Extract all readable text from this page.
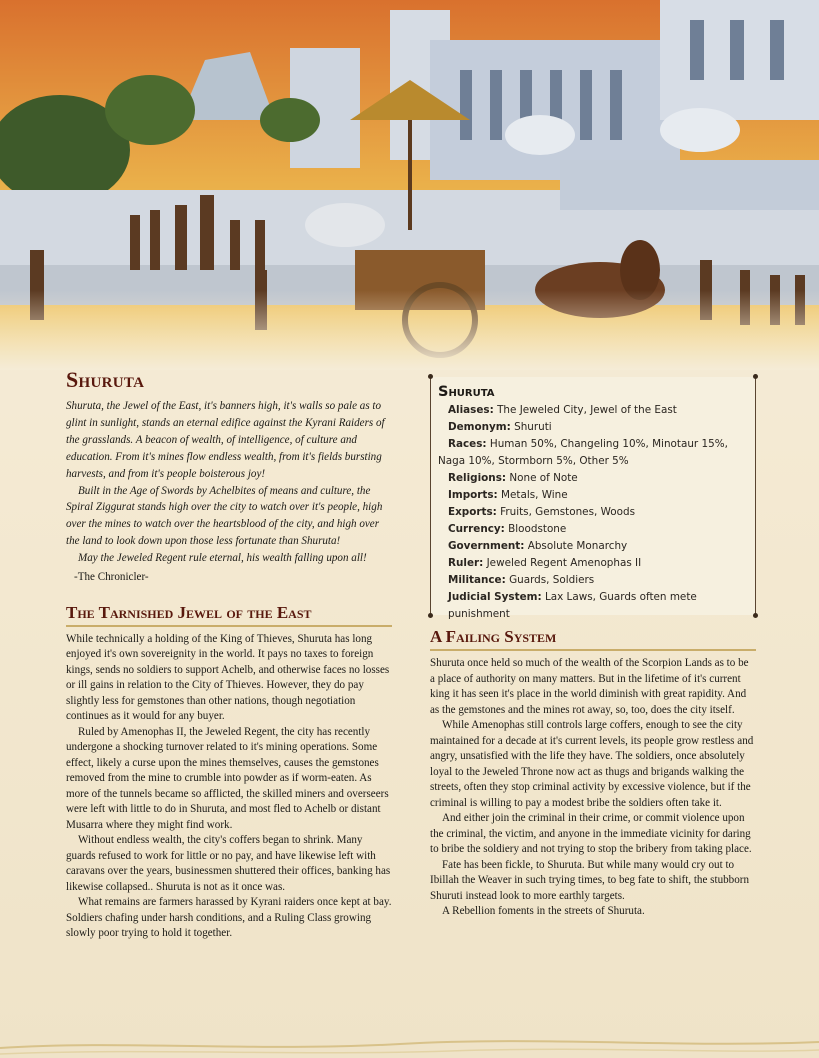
Shuruta

Shuruta, the Jewel of the East, it's banners high, it's walls so pale as to glint in sunlight, stands an eternal edifice against the Kyrani Raiders of the grasslands. A beacon of wealth, of intelligence, of culture and education. From it's mines flow endless wealth, from it's fields bursting harvests, and from it's people boisterous joy!

Built in the Age of Swords by Achelbites of means and culture, the Spiral Ziggurat stands high over the city to watch over it's people, high over the mines to watch over the heartsblood of the city, and high over the land to look down upon those less fortunate than Shuruta!

May the Jeweled Regent rule eternal, his wealth falling upon all!

-The Chronicler-

The Tarnished Jewel of the East

While technically a holding of the King of Thieves, Shuruta has long enjoyed it's own sovereignity in the world. It pays no taxes to foreign kings, sends no soldiers to support Achelb, and otherwise faces no losses or ill gains in relation to the City of Thieves. However, they do pay slightly less for gemstones than other nations, though negotiation continues as it would for any buyer.

Ruled by Amenophas II, the Jeweled Regent, the city has recently undergone a shocking turnover related to it's mining operations. Some effect, likely a curse upon the mines themselves, causes the gemstones removed from the mine to crumble into powder as if worm-eaten. As more of the tunnels became so afflicted, the skilled miners and overseers were left with little to do in Shuruta, and most fled to Achelb or distant Musarra where they might find work.

Without endless wealth, the city's coffers began to shrink. Many guards refused to work for little or no pay, and have likewise left with caravans over the years, businessmen shuttered their offices, banking has likewise collapsed.. Shuruta is not as it once was.

What remains are farmers harassed by Kyrani raiders once kept at bay. Soldiers chafing under harsh conditions, and a Ruling Class growing slowly poor trying to hold it together.

Shuruta
Aliases: The Jeweled City, Jewel of the East
Demonym: Shuruti
Races: Human 50%, Changeling 10%, Minotaur 15%, Naga 10%, Stormborn 5%, Other 5%
Religions: None of Note
Imports: Metals, Wine
Exports: Fruits, Gemstones, Woods
Currency: Bloodstone
Government: Absolute Monarchy
Ruler: Jeweled Regent Amenophas II
Militance: Guards, Soldiers
Judicial System: Lax Laws, Guards often mete punishment
A Failing System

Shuruta once held so much of the wealth of the Scorpion Lands as to be a place of authority on many matters. But in the lifetime of it's current king it has seen it's place in the world diminish with great rapidity. And as the gemstones and the mines rot away, so, too, does the city itself.

While Amenophas still controls large coffers, enough to see the city maintained for a decade at it's current levels, its people grow restless and angry, unsatisfied with the life they have. The soldiers, once absolutely loyal to the Jeweled Throne now act as thugs and brigands walking the streets, often they stop criminal activity by excessive violence, but if the criminal is willing to pay a modest bribe the soldiers often take it.

And either join the criminal in their crime, or commit violence upon the criminal, the victim, and anyone in the immediate vicinity for daring to bribe the soldiery and not trying to stop the bribery from taking place.

Fate has been fickle, to Shuruta. But while many would cry out to Ibillah the Weaver in such trying times, to beg fate to shift, the stubborn Shuruti instead look to more earthly targets.

A Rebellion foments in the streets of Shuruta.
